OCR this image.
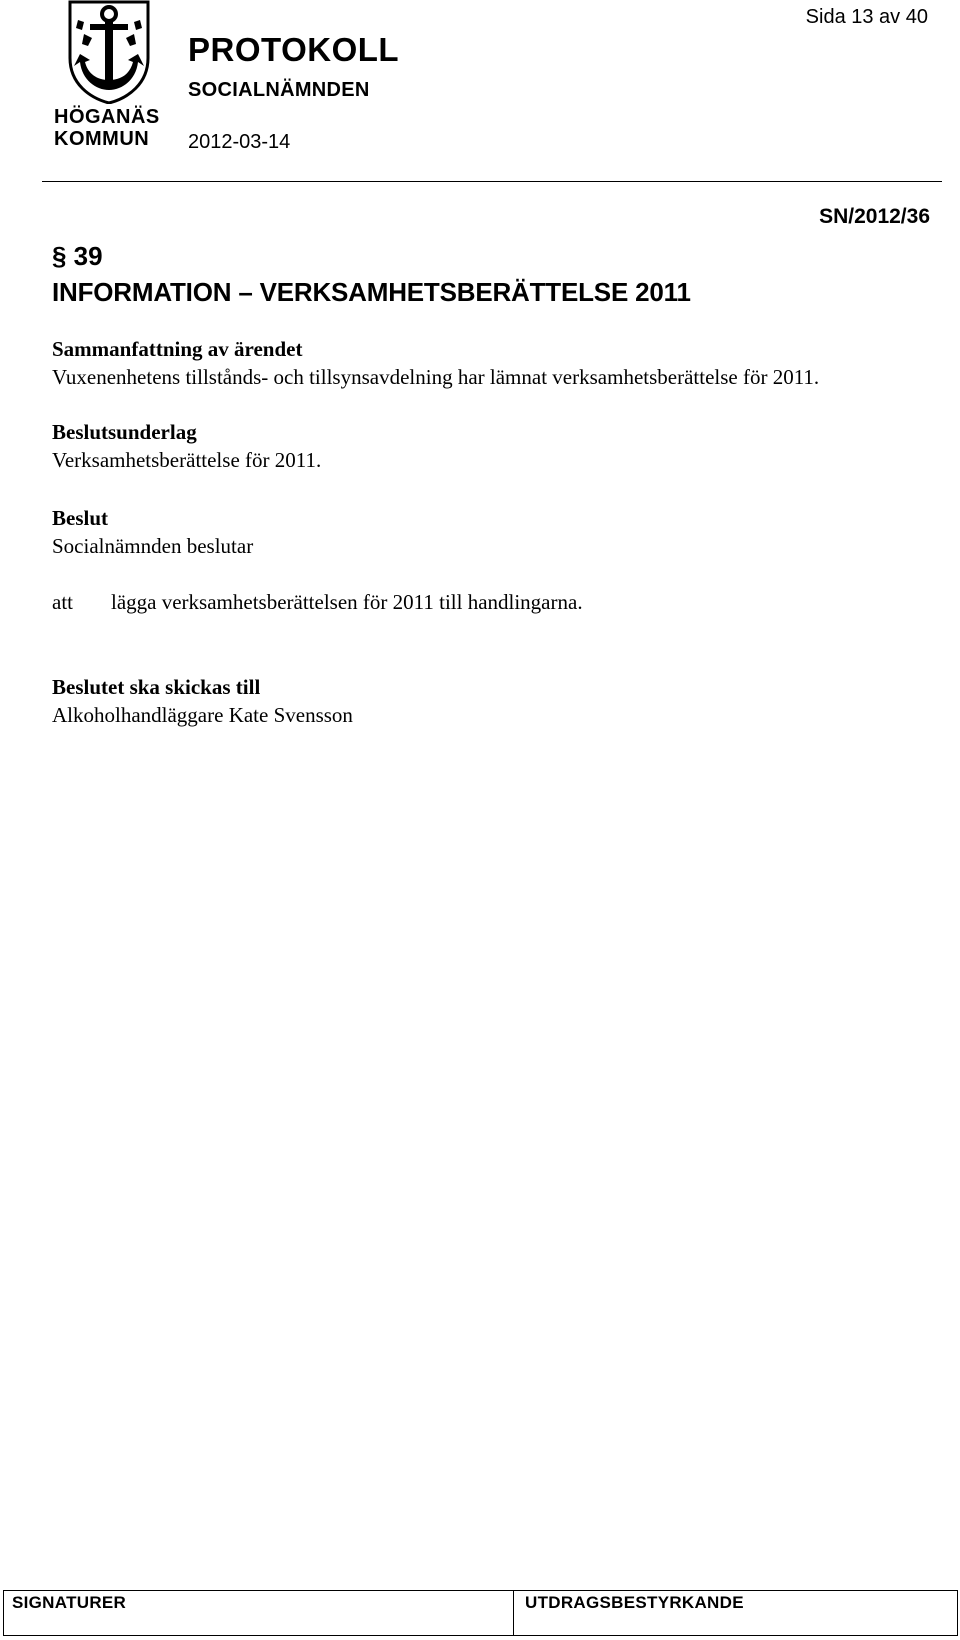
HÖGANÄS
KOMMUN
PROTOKOLL
SOCIALNÄMNDEN
2012-03-14
Sida 13 av 40
SN/2012/36
§ 39
INFORMATION – VERKSAMHETSBERÄTTELSE 2011
Sammanfattning av ärendet
Vuxenenhetens tillstånds- och tillsynsavdelning har lämnat verksamhetsberättelse för 2011.
Beslutsunderlag
Verksamhetsberättelse för 2011.
Beslut
Socialnämnden beslutar
att lägga verksamhetsberättelsen för 2011 till handlingarna.
Beslutet ska skickas till
Alkoholhandläggare Kate Svensson
SIGNATURER	UTDRAGSBESTYRKANDE
